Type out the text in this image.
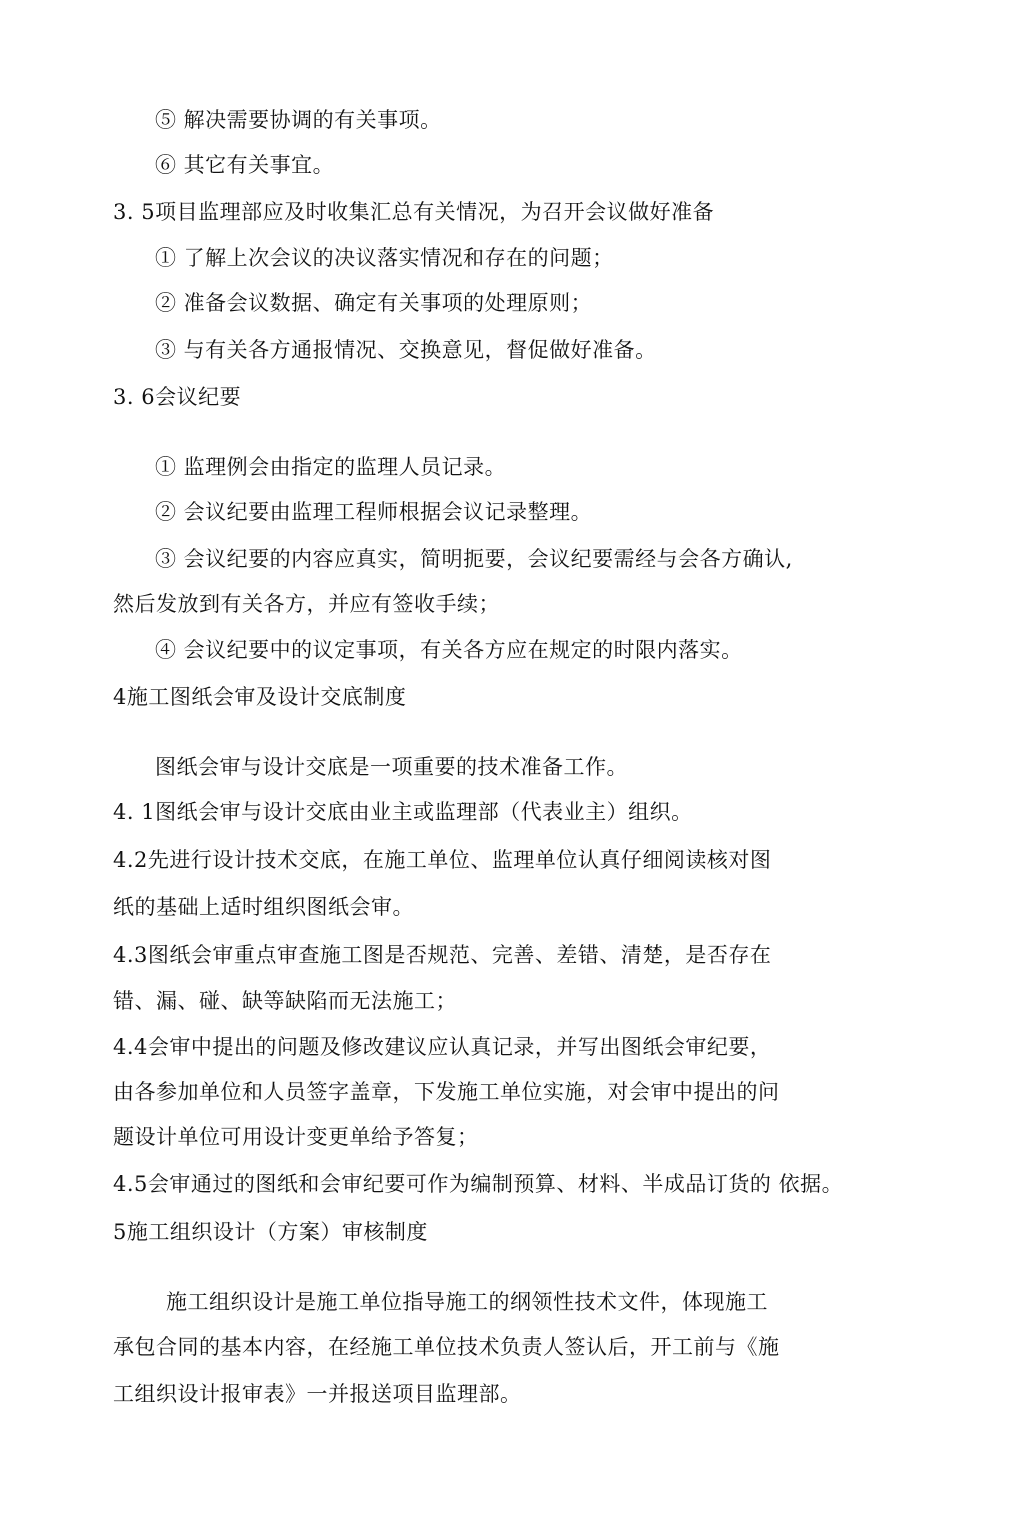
⑤ 解决需要协调的有关事项。
⑥ 其它有关事宜。
3. 5项目监理部应及时收集汇总有关情况，为召开会议做好准备
① 了解上次会议的决议落实情况和存在的问题；
② 准备会议数据、确定有关事项的处理原则；
③ 与有关各方通报情况、交换意见，督促做好准备。
3. 6会议纪要
① 监理例会由指定的监理人员记录。
② 会议纪要由监理工程师根据会议记录整理。
③ 会议纪要的内容应真实，简明扼要，会议纪要需经与会各方确认,
然后发放到有关各方，并应有签收手续；
④ 会议纪要中的议定事项，有关各方应在规定的时限内落实。
4施工图纸会审及设计交底制度
图纸会审与设计交底是一项重要的技术准备工作。
4. 1图纸会审与设计交底由业主或监理部（代表业主）组织。
4.2先进行设计技术交底，在施工单位、监理单位认真仔细阅读核对图
纸的基础上适时组织图纸会审。
4.3图纸会审重点审查施工图是否规范、完善、差错、清楚，是否存在
错、漏、碰、缺等缺陷而无法施工；
4.4会审中提出的问题及修改建议应认真记录，并写出图纸会审纪要，
由各参加单位和人员签字盖章，下发施工单位实施，对会审中提出的问
题设计单位可用设计变更单给予答复；
4.5会审通过的图纸和会审纪要可作为编制预算、材料、半成品订货的 依据。
5施工组织设计（方案）审核制度
施工组织设计是施工单位指导施工的纲领性技术文件，体现施工
承包合同的基本内容，在经施工单位技术负责人签认后，开工前与《施
工组织设计报审表》一并报送项目监理部。
